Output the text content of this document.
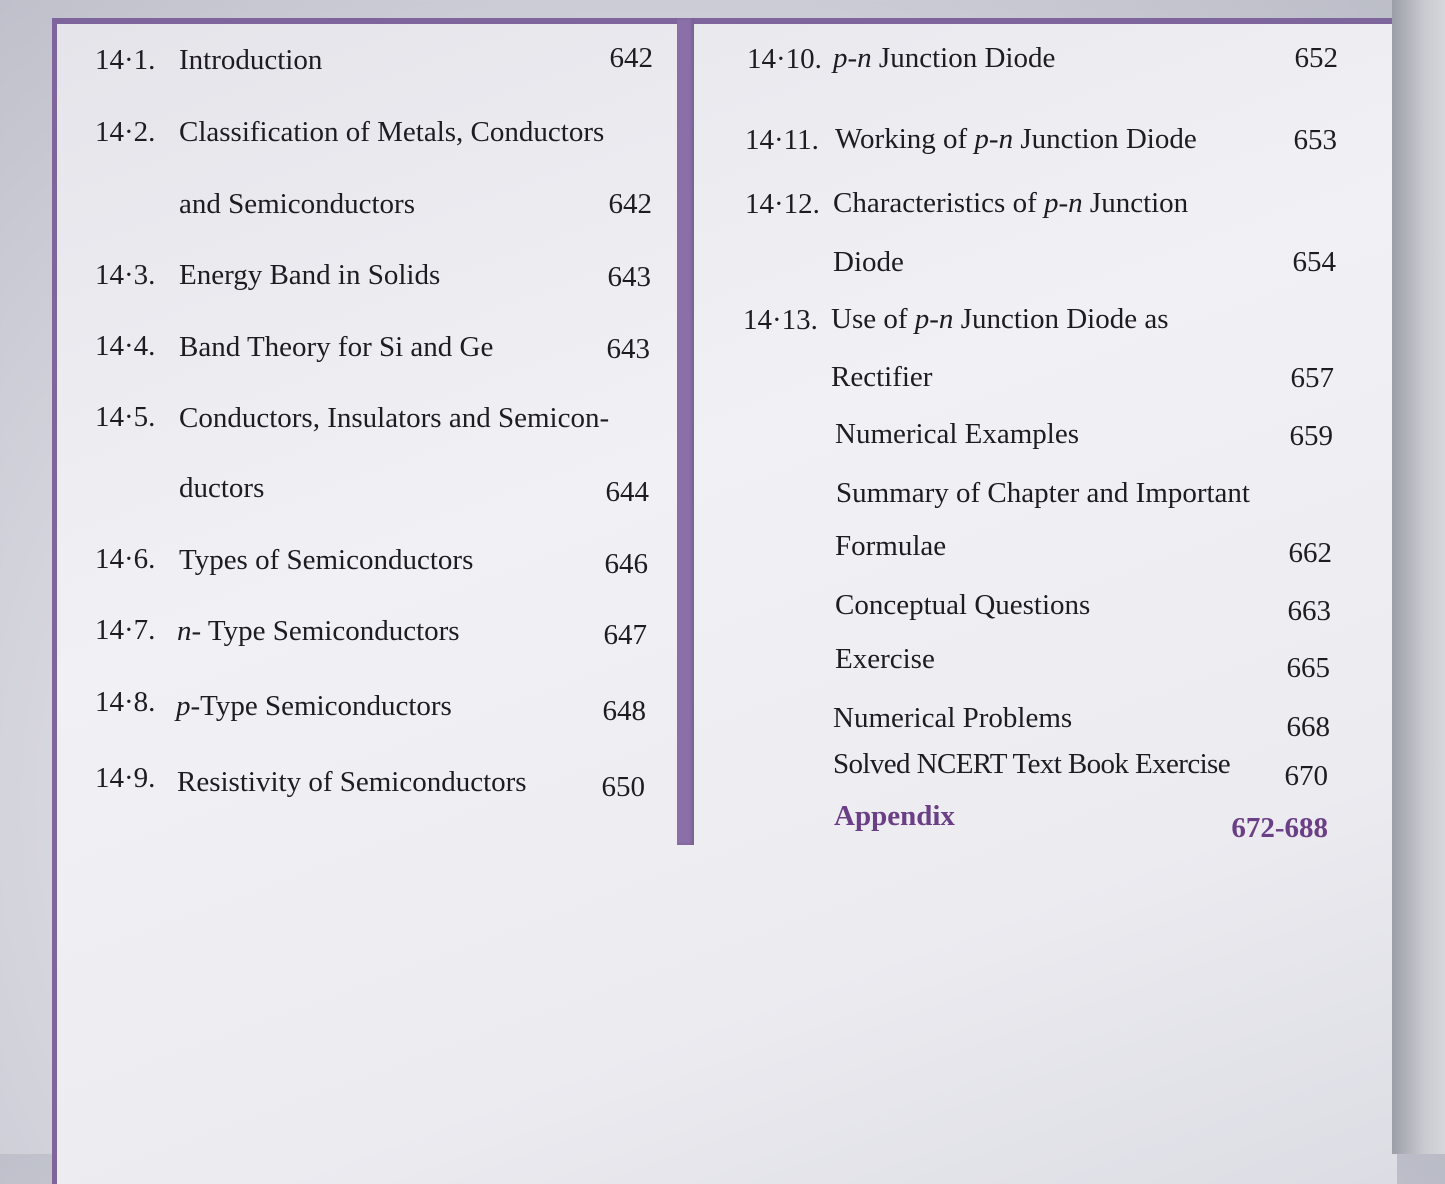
14·1. Introduction	642
14·2. Classification of Metals, Conductors
and Semiconductors	642
14·3. Energy Band in Solids	643
14·4. Band Theory for Si and Ge	643
14·5. Conductors, Insulators and Semicon-
ductors	644
14·6. Types of Semiconductors	646
14·7. n- Type Semiconductors	647
14·8. p-Type Semiconductors	648
14·9. Resistivity of Semiconductors	650
14·10. p-n Junction Diode	652
14·11. Working of p-n Junction Diode	653
14·12. Characteristics of p-n Junction
Diode	654
14·13. Use of p-n Junction Diode as
Rectifier	657
Numerical Examples	659
Summary of Chapter and Important
Formulae	662
Conceptual Questions	663
Exercise	665
Numerical Problems	668
Solved NCERT Text Book Exercise	670
Appendix	672-688
